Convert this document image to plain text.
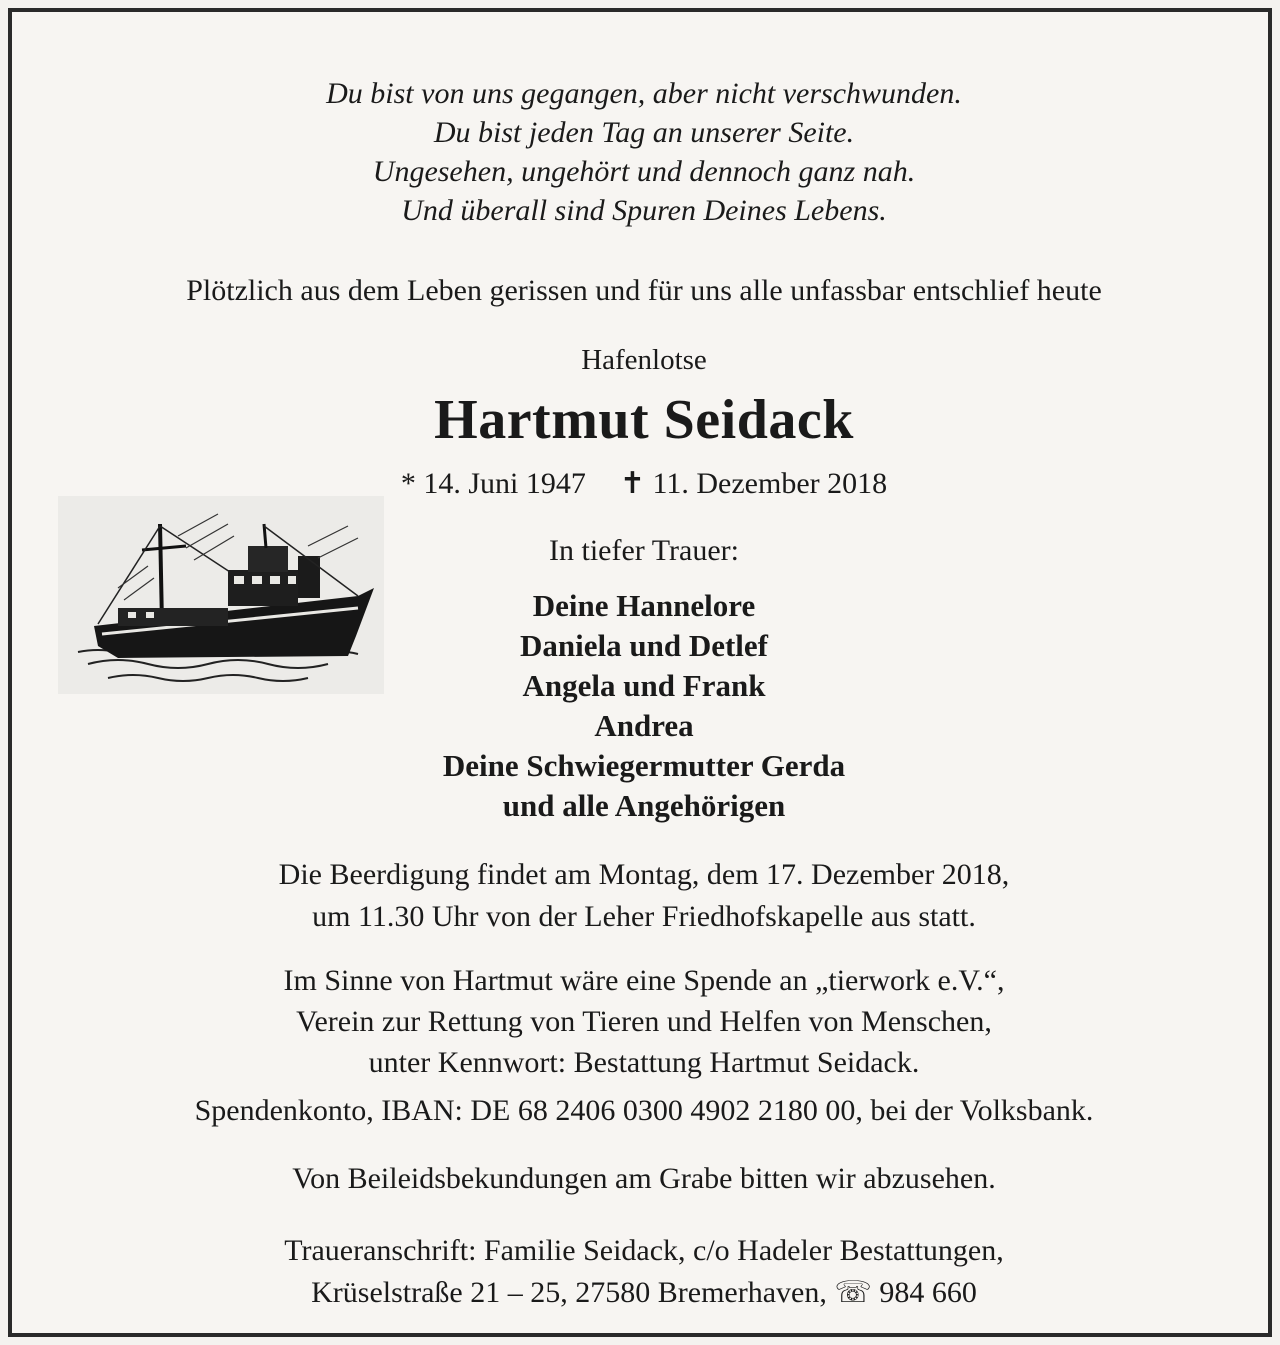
Du bist von uns gegangen, aber nicht verschwunden.
Du bist jeden Tag an unserer Seite.
Ungesehen, ungehört und dennoch ganz nah.
Und überall sind Spuren Deines Lebens.
Plötzlich aus dem Leben gerissen und für uns alle unfassbar entschlief heute
Hafenlotse
Hartmut Seidack
* 14. Juni 1947 ✝ 11. Dezember 2018
In tiefer Trauer:
Deine Hannelore
Daniela und Detlef
Angela und Frank
Andrea
Deine Schwiegermutter Gerda
und alle Angehörigen
Die Beerdigung findet am Montag, dem 17. Dezember 2018,
um 11.30 Uhr von der Leher Friedhofskapelle aus statt.
Im Sinne von Hartmut wäre eine Spende an „tierwork e.V.“,
Verein zur Rettung von Tieren und Helfen von Menschen,
unter Kennwort: Bestattung Hartmut Seidack.
Spendenkonto, IBAN: DE 68 2406 0300 4902 2180 00, bei der Volksbank.
Von Beileidsbekundungen am Grabe bitten wir abzusehen.
Traueranschrift: Familie Seidack, c/o Hadeler Bestattungen,
Krüselstraße 21 – 25, 27580 Bremerhaven, ☏ 984 660
